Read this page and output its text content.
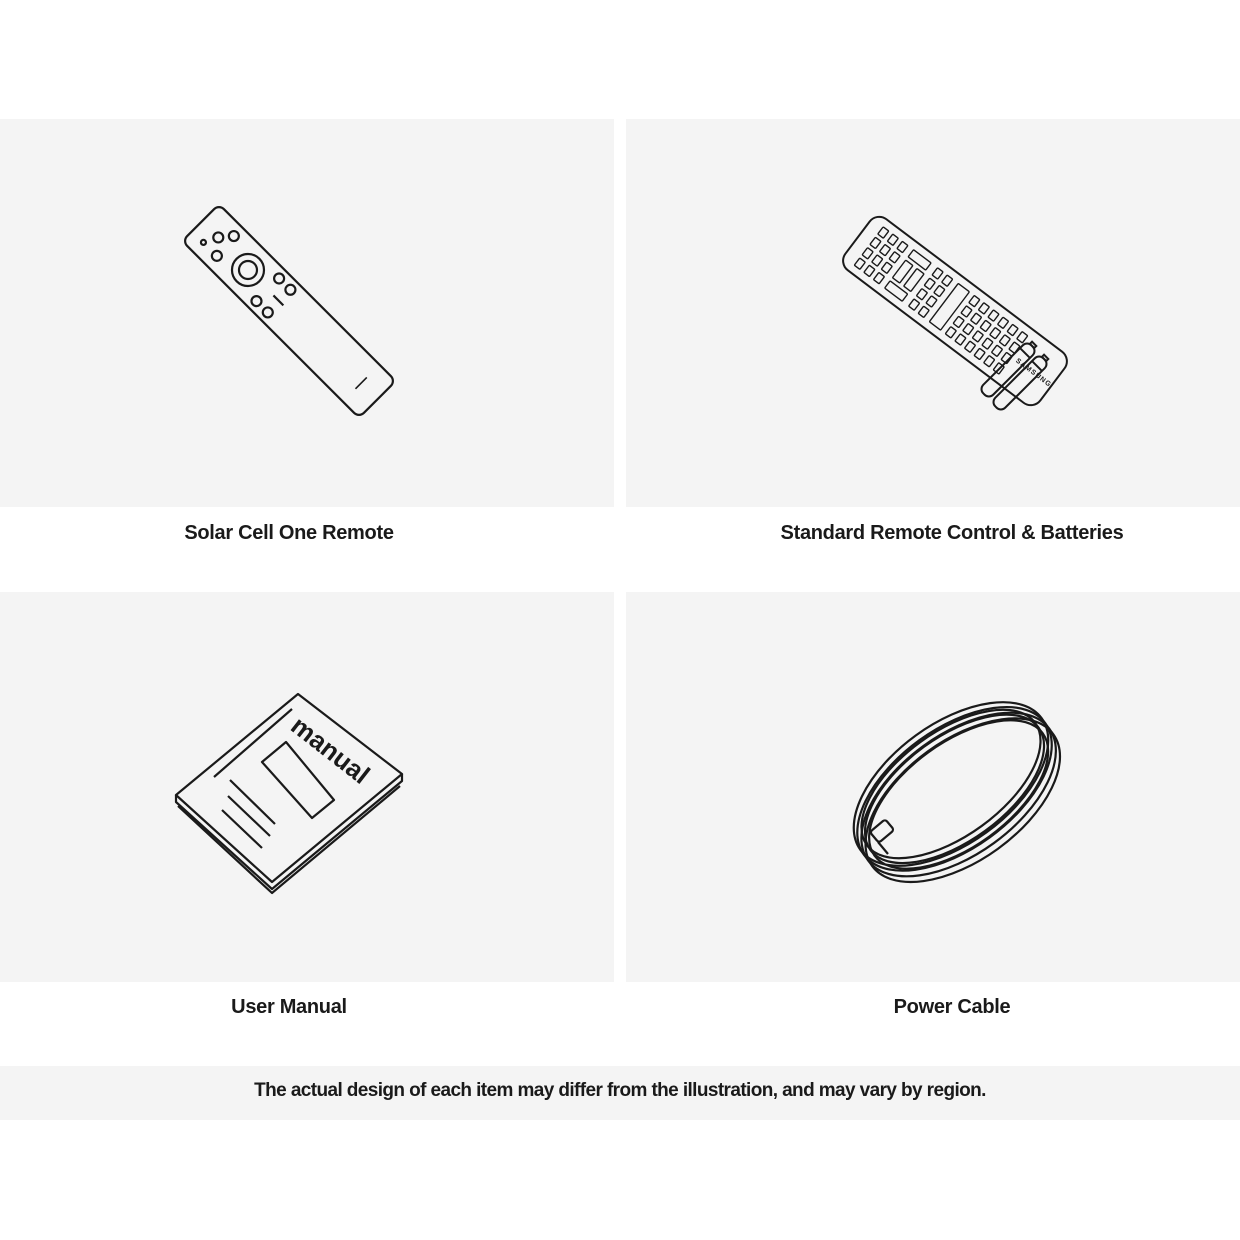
Solar Cell One Remote
SAMSUNG
Standard Remote Control & Batteries
manual
User Manual	Power Cable
The actual design of each item may differ from the illustration, and may vary by region.
